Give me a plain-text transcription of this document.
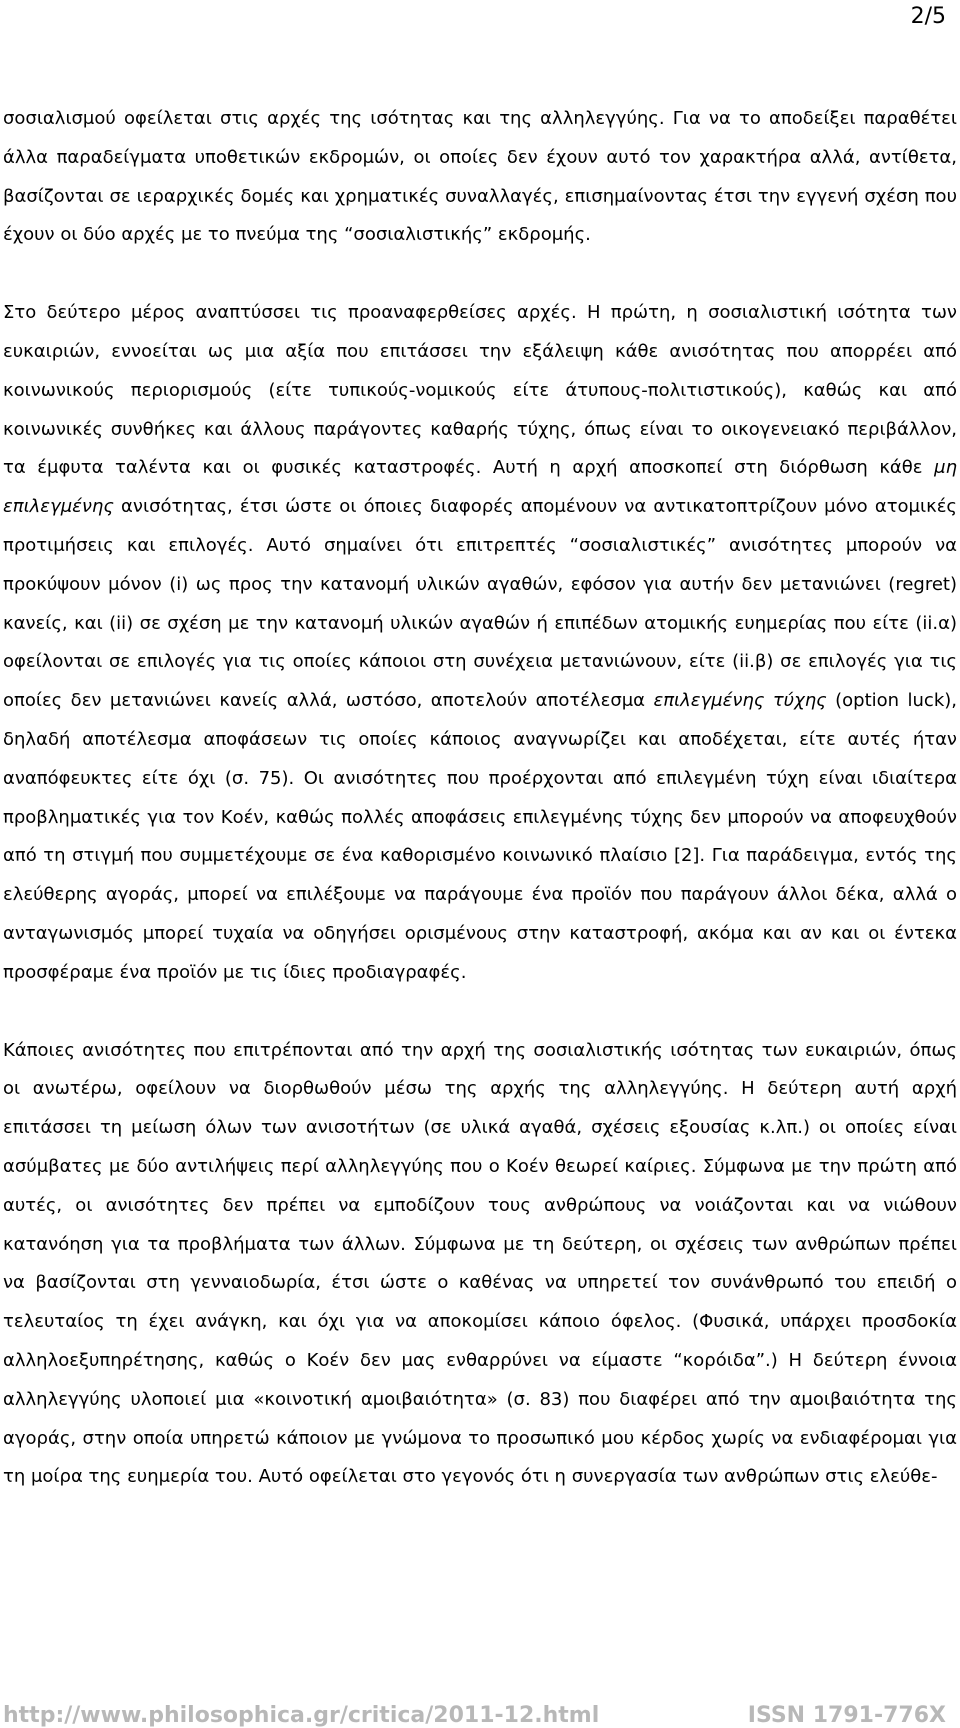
2/5

σοσιαλισμού οφείλεται στις αρχές της ισότητας και της αλληλεγγύης. Για να το αποδείξει παραθέτει άλλα παραδείγματα υποθετικών εκδρομών, οι οποίες δεν έχουν αυτό τον χαρακτήρα αλλά, αντίθετα, βασίζονται σε ιεραρχικές δομές και χρηματικές συναλλαγές, επισημαίνοντας έτσι την εγγενή σχέση που έχουν οι δύο αρχές με το πνεύμα της “σοσιαλιστικής” εκδρομής.

Στο δεύτερο μέρος αναπτύσσει τις προαναφερθείσες αρχές. Η πρώτη, η σοσιαλιστική ισότητα των ευκαιριών, εννοείται ως μια αξία που επιτάσσει την εξάλειψη κάθε ανισότητας που απορρέει από κοινωνικούς περιορισμούς (είτε τυπικούς-νομικούς είτε άτυπους-πολιτιστικούς), καθώς και από κοινωνικές συνθήκες και άλλους παράγοντες καθαρής τύχης, όπως είναι το οικογενειακό περιβάλλον, τα έμφυτα ταλέντα και οι φυσικές καταστροφές. Αυτή η αρχή αποσκοπεί στη διόρθωση κάθε μη επιλεγμένης ανισότητας, έτσι ώστε οι όποιες διαφορές απομένουν να αντικατοπτρίζουν μόνο ατομικές προτιμήσεις και επιλογές. Αυτό σημαίνει ότι επιτρεπτές “σοσιαλιστικές” ανισότητες μπορούν να προκύψουν μόνον (i) ως προς την κατανομή υλικών αγαθών, εφόσον για αυτήν δεν μετανιώνει (regret) κανείς, και (ii) σε σχέση με την κατανομή υλικών αγαθών ή επιπέδων ατομικής ευημερίας που είτε (ii.α) οφείλονται σε επιλογές για τις οποίες κάποιοι στη συνέχεια μετανιώνουν, είτε (ii.β) σε επιλογές για τις οποίες δεν μετανιώνει κανείς αλλά, ωστόσο, αποτελούν αποτέλεσμα επιλεγμένης τύχης (option luck), δηλαδή αποτέλεσμα αποφάσεων τις οποίες κάποιος αναγνωρίζει και αποδέχεται, είτε αυτές ήταν αναπόφευκτες είτε όχι (σ. 75). Οι ανισότητες που προέρχονται από επιλεγμένη τύχη είναι ιδιαίτερα προβληματικές για τον Κοέν, καθώς πολλές αποφάσεις επιλεγμένης τύχης δεν μπορούν να αποφευχθούν από τη στιγμή που συμμετέχουμε σε ένα καθορισμένο κοινωνικό πλαίσιο [2]. Για παράδειγμα, εντός της ελεύθερης αγοράς, μπορεί να επιλέξουμε να παράγουμε ένα προϊόν που παράγουν άλλοι δέκα, αλλά ο ανταγωνισμός μπορεί τυχαία να οδηγήσει ορισμένους στην καταστροφή, ακόμα και αν και οι έντεκα προσφέραμε ένα προϊόν με τις ίδιες προδιαγραφές.

Κάποιες ανισότητες που επιτρέπονται από την αρχή της σοσιαλιστικής ισότητας των ευκαιριών, όπως οι ανωτέρω, οφείλουν να διορθωθούν μέσω της αρχής της αλληλεγγύης. Η δεύτερη αυτή αρχή επιτάσσει τη μείωση όλων των ανισοτήτων (σε υλικά αγαθά, σχέσεις εξουσίας κ.λπ.) οι οποίες είναι ασύμβατες με δύο αντιλήψεις περί αλληλεγγύης που ο Κοέν θεωρεί καίριες. Σύμφωνα με την πρώτη από αυτές, οι ανισότητες δεν πρέπει να εμποδίζουν τους ανθρώπους να νοιάζονται και να νιώθουν κατανόηση για τα προβλήματα των άλλων. Σύμφωνα με τη δεύτερη, οι σχέσεις των ανθρώπων πρέπει να βασίζονται στη γενναιοδωρία, έτσι ώστε ο καθένας να υπηρετεί τον συνάνθρωπό του επειδή ο τελευταίος τη έχει ανάγκη, και όχι για να αποκομίσει κάποιο όφελος. (Φυσικά, υπάρχει προσδοκία αλληλοεξυπηρέτησης, καθώς ο Κοέν δεν μας ενθαρρύνει να είμαστε “κορόιδα”.) Η δεύτερη έννοια αλληλεγγύης υλοποιεί μια «κοινοτική αμοιβαιότητα» (σ. 83) που διαφέρει από την αμοιβαιότητα της αγοράς, στην οποία υπηρετώ κάποιον με γνώμονα το προσωπικό μου κέρδος χωρίς να ενδιαφέρομαι για τη μοίρα της ευημερία του. Αυτό οφείλεται στο γεγονός ότι η συνεργασία των ανθρώπων στις ελεύθε-

http://www.philosophica.gr/critica/2011-12.html	ISSN 1791-776X
